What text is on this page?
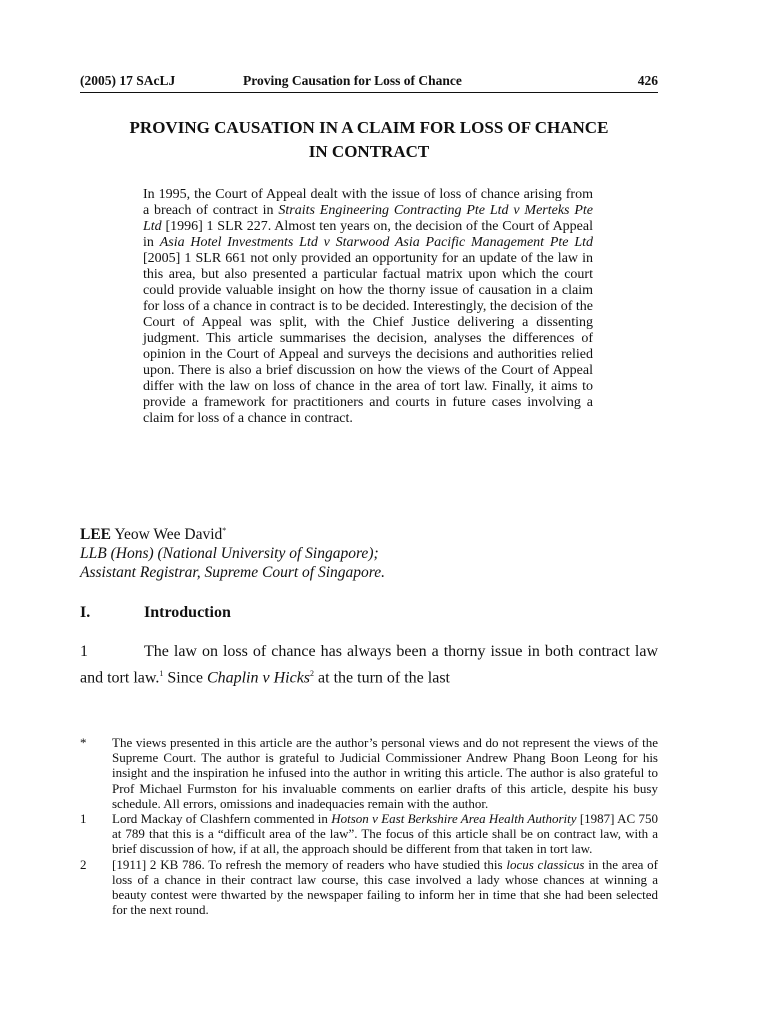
(2005) 17 SAcLJ	Proving Causation for Loss of Chance	426
PROVING CAUSATION IN A CLAIM FOR LOSS OF CHANCE
IN CONTRACT
In 1995, the Court of Appeal dealt with the issue of loss of chance arising from a breach of contract in Straits Engineering Contracting Pte Ltd v Merteks Pte Ltd [1996] 1 SLR 227. Almost ten years on, the decision of the Court of Appeal in Asia Hotel Investments Ltd v Starwood Asia Pacific Management Pte Ltd [2005] 1 SLR 661 not only provided an opportunity for an update of the law in this area, but also presented a particular factual matrix upon which the court could provide valuable insight on how the thorny issue of causation in a claim for loss of a chance in contract is to be decided. Interestingly, the decision of the Court of Appeal was split, with the Chief Justice delivering a dissenting judgment. This article summarises the decision, analyses the differences of opinion in the Court of Appeal and surveys the decisions and authorities relied upon. There is also a brief discussion on how the views of the Court of Appeal differ with the law on loss of chance in the area of tort law. Finally, it aims to provide a framework for practitioners and courts in future cases involving a claim for loss of a chance in contract.
LEE Yeow Wee David*
LLB (Hons) (National University of Singapore);
Assistant Registrar, Supreme Court of Singapore.
I.	Introduction
1	The law on loss of chance has always been a thorny issue in both contract law and tort law.$^1$ Since Chaplin v Hicks$^2$ at the turn of the last
*	The views presented in this article are the author’s personal views and do not represent the views of the Supreme Court. The author is grateful to Judicial Commissioner Andrew Phang Boon Leong for his insight and the inspiration he infused into the author in writing this article. The author is also grateful to Prof Michael Furmston for his invaluable comments on earlier drafts of this article, despite his busy schedule. All errors, omissions and inadequacies remain with the author.
1	Lord Mackay of Clashfern commented in Hotson v East Berkshire Area Health Authority [1987] AC 750 at 789 that this is a “difficult area of the law”. The focus of this article shall be on contract law, with a brief discussion of how, if at all, the approach should be different from that taken in tort law.
2	[1911] 2 KB 786. To refresh the memory of readers who have studied this locus classicus in the area of loss of a chance in their contract law course, this case involved a lady whose chances at winning a beauty contest were thwarted by the newspaper failing to inform her in time that she had been selected for the next round.
